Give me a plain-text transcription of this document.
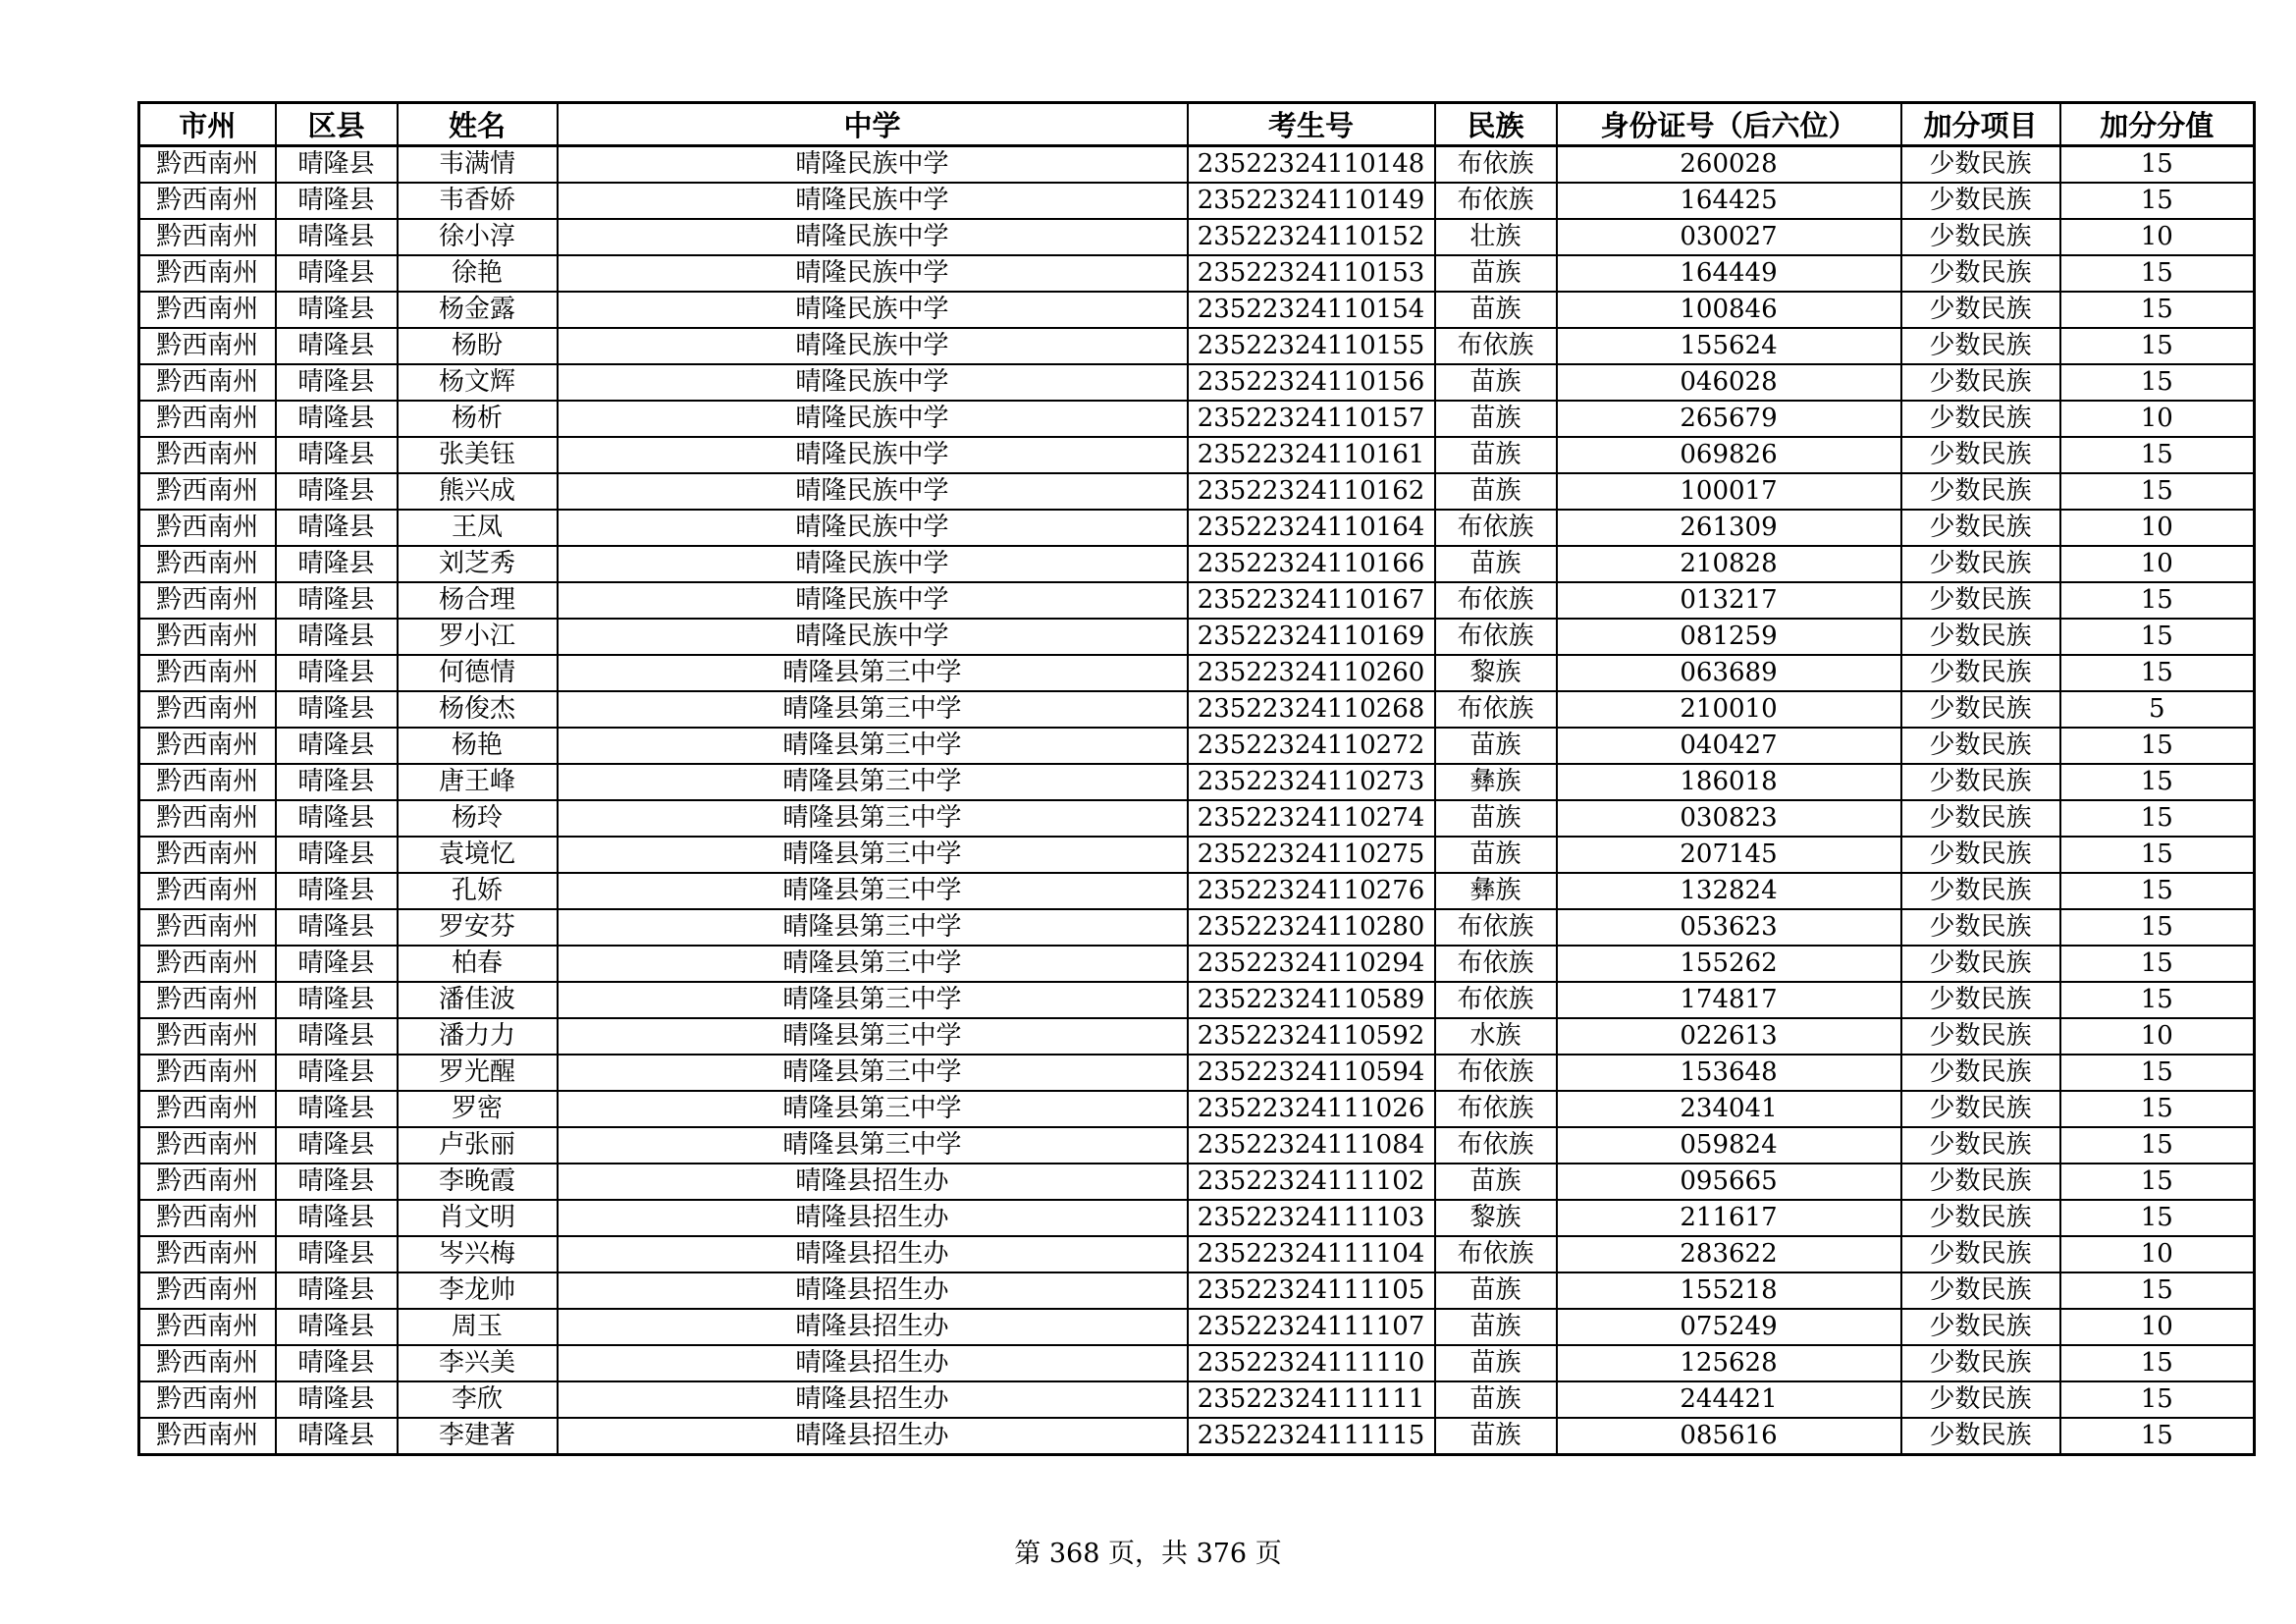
市州	区县	姓名	中学	考生号	民族	身份证号（后六位）	加分项目	加分分值
黔西南州	晴隆县	韦满情	晴隆民族中学	23522324110148	布依族	260028	少数民族	15
黔西南州	晴隆县	韦香娇	晴隆民族中学	23522324110149	布依族	164425	少数民族	15
黔西南州	晴隆县	徐小淳	晴隆民族中学	23522324110152	壮族	030027	少数民族	10
黔西南州	晴隆县	徐艳	晴隆民族中学	23522324110153	苗族	164449	少数民族	15
黔西南州	晴隆县	杨金露	晴隆民族中学	23522324110154	苗族	100846	少数民族	15
黔西南州	晴隆县	杨盼	晴隆民族中学	23522324110155	布依族	155624	少数民族	15
黔西南州	晴隆县	杨文辉	晴隆民族中学	23522324110156	苗族	046028	少数民族	15
黔西南州	晴隆县	杨析	晴隆民族中学	23522324110157	苗族	265679	少数民族	10
黔西南州	晴隆县	张美钰	晴隆民族中学	23522324110161	苗族	069826	少数民族	15
黔西南州	晴隆县	熊兴成	晴隆民族中学	23522324110162	苗族	100017	少数民族	15
黔西南州	晴隆县	王凤	晴隆民族中学	23522324110164	布依族	261309	少数民族	10
黔西南州	晴隆县	刘芝秀	晴隆民族中学	23522324110166	苗族	210828	少数民族	10
黔西南州	晴隆县	杨合理	晴隆民族中学	23522324110167	布依族	013217	少数民族	15
黔西南州	晴隆县	罗小江	晴隆民族中学	23522324110169	布依族	081259	少数民族	15
黔西南州	晴隆县	何德情	晴隆县第三中学	23522324110260	黎族	063689	少数民族	15
黔西南州	晴隆县	杨俊杰	晴隆县第三中学	23522324110268	布依族	210010	少数民族	5
黔西南州	晴隆县	杨艳	晴隆县第三中学	23522324110272	苗族	040427	少数民族	15
黔西南州	晴隆县	唐王峰	晴隆县第三中学	23522324110273	彝族	186018	少数民族	15
黔西南州	晴隆县	杨玲	晴隆县第三中学	23522324110274	苗族	030823	少数民族	15
黔西南州	晴隆县	袁境忆	晴隆县第三中学	23522324110275	苗族	207145	少数民族	15
黔西南州	晴隆县	孔娇	晴隆县第三中学	23522324110276	彝族	132824	少数民族	15
黔西南州	晴隆县	罗安芬	晴隆县第三中学	23522324110280	布依族	053623	少数民族	15
黔西南州	晴隆县	柏春	晴隆县第三中学	23522324110294	布依族	155262	少数民族	15
黔西南州	晴隆县	潘佳波	晴隆县第三中学	23522324110589	布依族	174817	少数民族	15
黔西南州	晴隆县	潘力力	晴隆县第三中学	23522324110592	水族	022613	少数民族	10
黔西南州	晴隆县	罗光醒	晴隆县第三中学	23522324110594	布依族	153648	少数民族	15
黔西南州	晴隆县	罗密	晴隆县第三中学	23522324111026	布依族	234041	少数民族	15
黔西南州	晴隆县	卢张丽	晴隆县第三中学	23522324111084	布依族	059824	少数民族	15
黔西南州	晴隆县	李晚霞	晴隆县招生办	23522324111102	苗族	095665	少数民族	15
黔西南州	晴隆县	肖文明	晴隆县招生办	23522324111103	黎族	211617	少数民族	15
黔西南州	晴隆县	岑兴梅	晴隆县招生办	23522324111104	布依族	283622	少数民族	10
黔西南州	晴隆县	李龙帅	晴隆县招生办	23522324111105	苗族	155218	少数民族	15
黔西南州	晴隆县	周玉	晴隆县招生办	23522324111107	苗族	075249	少数民族	10
黔西南州	晴隆县	李兴美	晴隆县招生办	23522324111110	苗族	125628	少数民族	15
黔西南州	晴隆县	李欣	晴隆县招生办	23522324111111	苗族	244421	少数民族	15
黔西南州	晴隆县	李建著	晴隆县招生办	23522324111115	苗族	085616	少数民族	15
第 368 页，共 376 页
